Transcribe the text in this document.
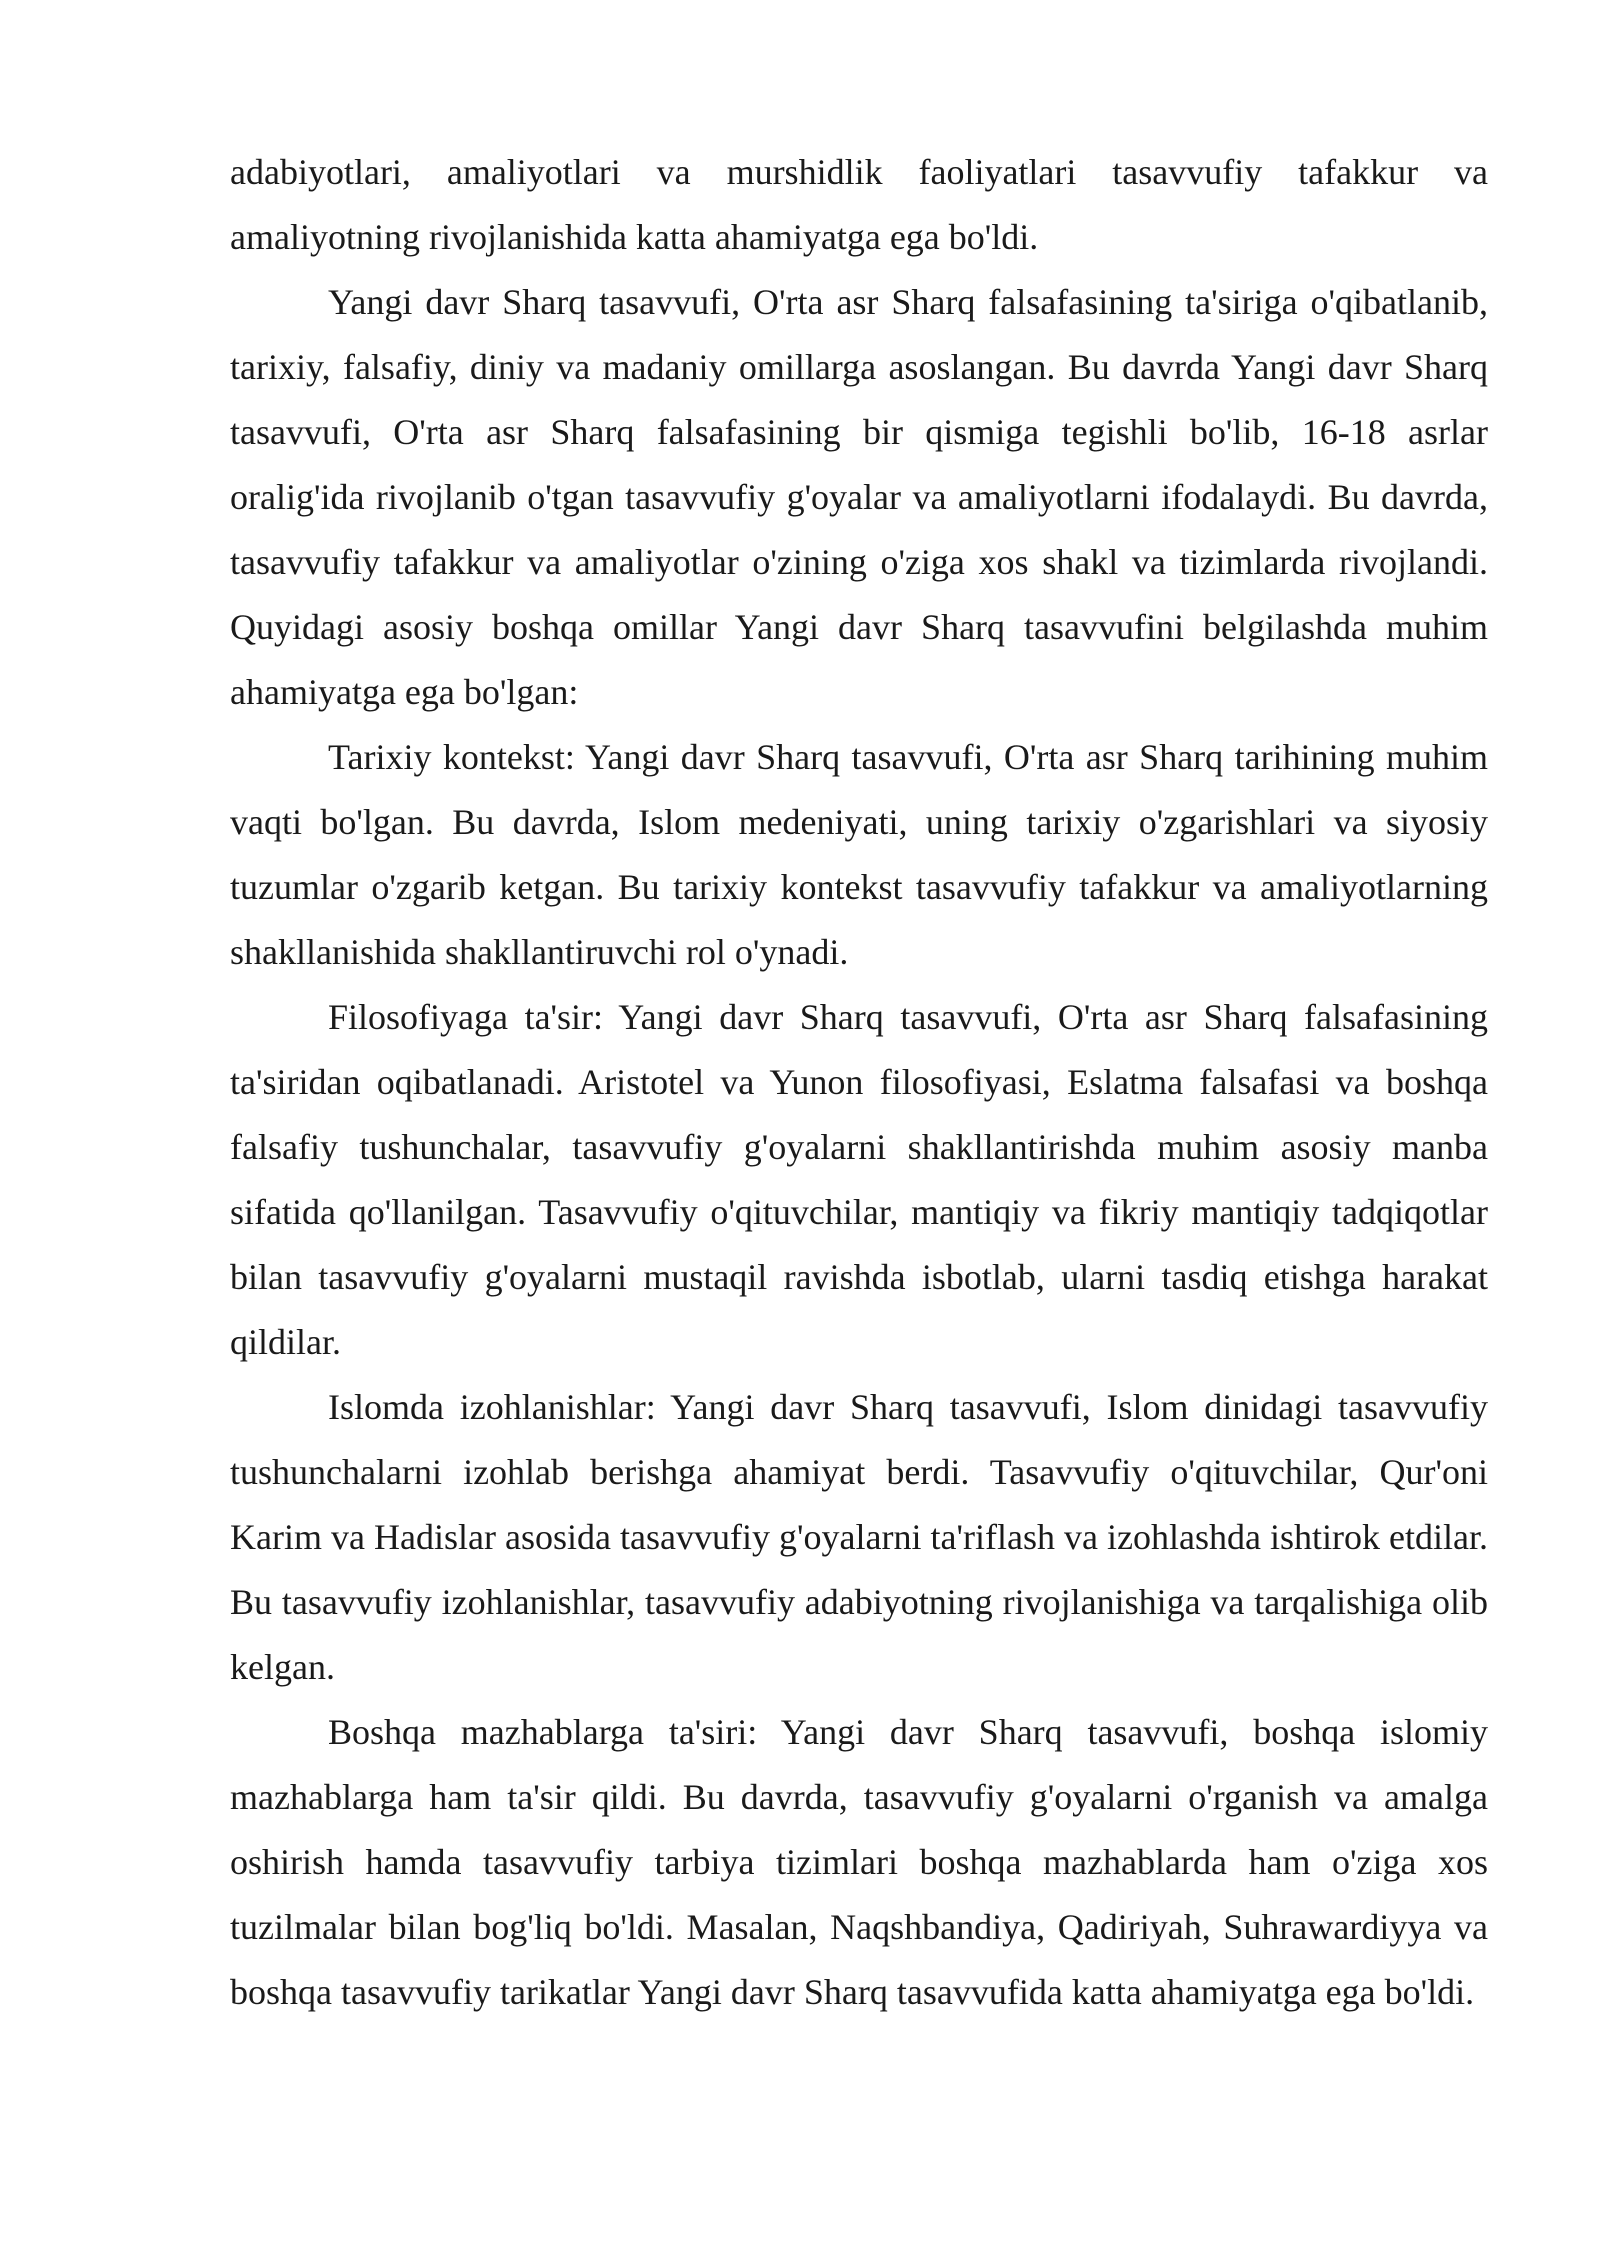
adabiyotlari, amaliyotlari va murshidlik faoliyatlari tasavvufiy tafakkur va amaliyotning rivojlanishida katta ahamiyatga ega bo'ldi.

Yangi davr Sharq tasavvufi, O'rta asr Sharq falsafasining ta'siriga o'qibatlanib, tarixiy, falsafiy, diniy va madaniy omillarga asoslangan. Bu davrda Yangi davr Sharq tasavvufi, O'rta asr Sharq falsafasining bir qismiga tegishli bo'lib, 16-18 asrlar oralig'ida rivojlanib o'tgan tasavvufiy g'oyalar va amaliyotlarni ifodalaydi. Bu davrda, tasavvufiy tafakkur va amaliyotlar o'zining o'ziga xos shakl va tizimlarda rivojlandi. Quyidagi asosiy boshqa omillar Yangi davr Sharq tasavvufini belgilashda muhim ahamiyatga ega bo'lgan:

Tarixiy kontekst: Yangi davr Sharq tasavvufi, O'rta asr Sharq tarihining muhim vaqti bo'lgan. Bu davrda, Islom medeniyati, uning tarixiy o'zgarishlari va siyosiy tuzumlar o'zgarib ketgan. Bu tarixiy kontekst tasavvufiy tafakkur va amaliyotlarning shakllanishida shakllantiruvchi rol o'ynadi.

Filosofiyaga ta'sir: Yangi davr Sharq tasavvufi, O'rta asr Sharq falsafasining ta'siridan oqibatlanadi. Aristotel va Yunon filosofiyasi, Eslatma falsafasi va boshqa falsafiy tushunchalar, tasavvufiy g'oyalarni shakllantirishda muhim asosiy manba sifatida qo'llanilgan. Tasavvufiy o'qituvchilar, mantiqiy va fikriy mantiqiy tadqiqotlar bilan tasavvufiy g'oyalarni mustaqil ravishda isbotlab, ularni tasdiq etishga harakat qildilar.

Islomda izohlanishlar: Yangi davr Sharq tasavvufi, Islom dinidagi tasavvufiy tushunchalarni izohlab berishga ahamiyat berdi. Tasavvufiy o'qituvchilar, Qur'oni Karim va Hadislar asosida tasavvufiy g'oyalarni ta'riflash va izohlashda ishtirok etdilar. Bu tasavvufiy izohlanishlar, tasavvufiy adabiyotning rivojlanishiga va tarqalishiga olib kelgan.

Boshqa mazhablarga ta'siri: Yangi davr Sharq tasavvufi, boshqa islomiy mazhablarga ham ta'sir qildi. Bu davrda, tasavvufiy g'oyalarni o'rganish va amalga oshirish hamda tasavvufiy tarbiya tizimlari boshqa mazhablarda ham o'ziga xos tuzilmalar bilan bog'liq bo'ldi. Masalan, Naqshbandiya, Qadiriyah, Suhrawardiyya va boshqa tasavvufiy tarikatlar Yangi davr Sharq tasavvufida katta ahamiyatga ega bo'ldi.
